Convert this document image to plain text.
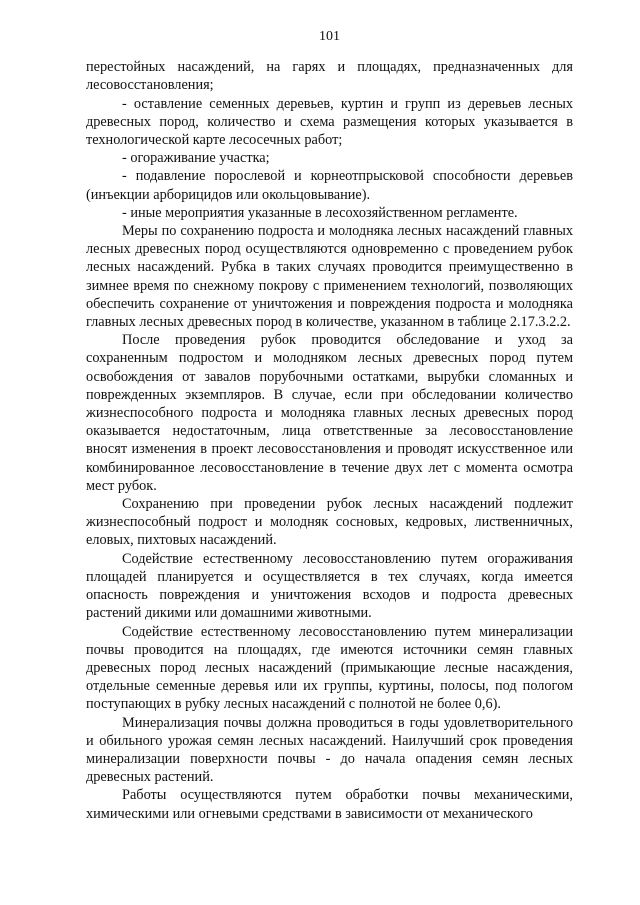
101

перестойных насаждений, на гарях и площадях, предназначенных для лесовосстановления;

- оставление семенных деревьев, куртин и групп из деревьев лесных древесных пород, количество и схема размещения которых указывается в технологической карте лесосечных работ;

- огораживание участка;

- подавление порослевой и корнеотпрысковой способности деревьев (инъекции арборицидов или окольцовывание).

- иные мероприятия указанные в лесохозяйственном регламенте.

Меры по сохранению подроста и молодняка лесных насаждений главных лесных древесных пород осуществляются одновременно с проведением рубок лесных насаждений. Рубка в таких случаях проводится преимущественно в зимнее время по снежному покрову с применением технологий, позволяющих обеспечить сохранение от уничтожения и повреждения подроста и молодняка главных лесных древесных пород в количестве, указанном в таблице 2.17.3.2.2.

После проведения рубок проводится обследование и уход за сохраненным подростом и молодняком лесных древесных пород путем освобождения от завалов порубочными остатками, вырубки сломанных и поврежденных экземпляров. В случае, если при обследовании количество жизнеспособного подроста и молодняка главных лесных древесных пород оказывается недостаточным, лица ответственные за лесовосстановление вносят изменения в проект лесовосстановления и проводят искусственное или комбинированное лесовосстановление в течение двух лет с момента осмотра мест рубок.

Сохранению при проведении рубок лесных насаждений подлежит жизнеспособный подрост и молодняк сосновых, кедровых, лиственничных, еловых, пихтовых насаждений.

Содействие естественному лесовосстановлению путем огораживания площадей планируется и осуществляется в тех случаях, когда имеется опасность повреждения и уничтожения всходов и подроста древесных растений дикими или домашними животными.

Содействие естественному лесовосстановлению путем минерализации почвы проводится на площадях, где имеются источники семян главных древесных пород лесных насаждений (примыкающие лесные насаждения, отдельные семенные деревья или их группы, куртины, полосы, под пологом поступающих в рубку лесных насаждений с полнотой не более 0,6).

Минерализация почвы должна проводиться в годы удовлетворительного и обильного урожая семян лесных насаждений. Наилучший срок проведения минерализации поверхности почвы - до начала опадения семян лесных древесных растений.

Работы осуществляются путем обработки почвы механическими, химическими или огневыми средствами в зависимости от механического
